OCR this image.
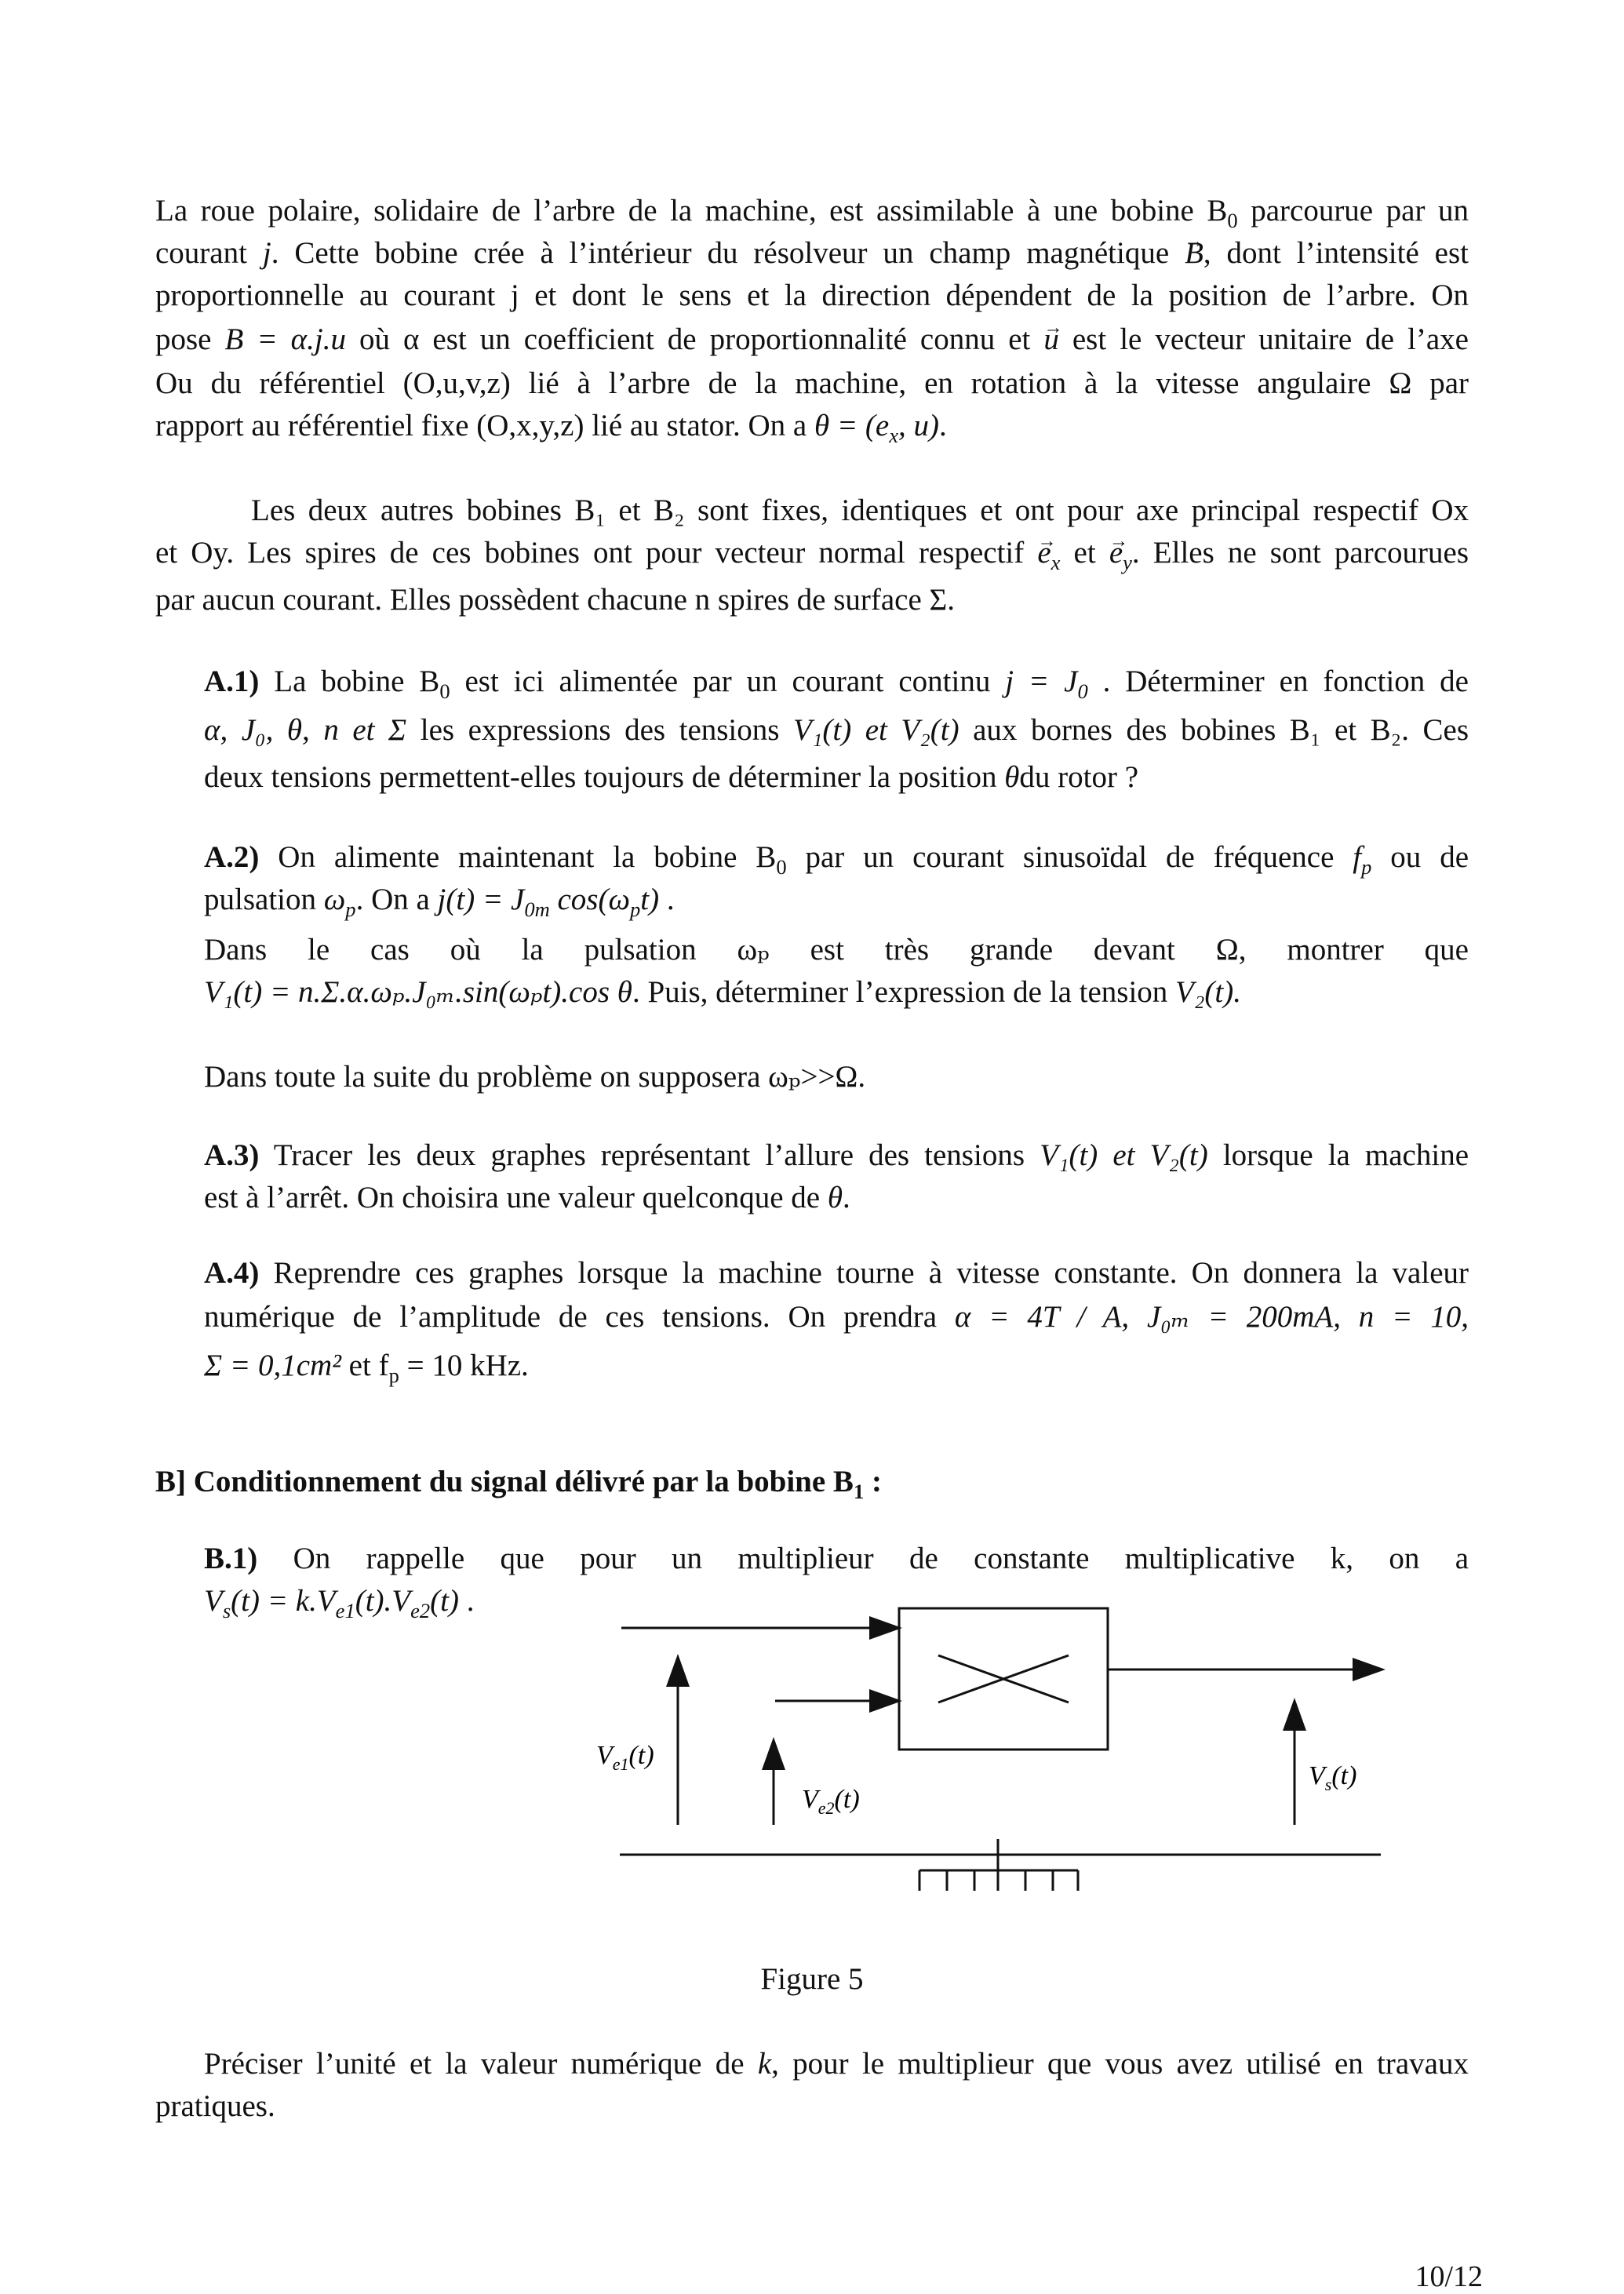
La roue polaire, solidaire de l’arbre de la machine, est assimilable à une bobine $B_0$ parcourue par un

courant j. Cette bobine crée à l’intérieur du résolveur un champ magnétique → B, dont l’intensité est

proportionnelle au courant j et dont le sens et la direction dépendent de la position de l’arbre. On

pose B = α.j.u où α est un coefficient de proportionnalité connu et → u est le vecteur unitaire de l’axe

Ou du référentiel (O,u,v,z) lié à l’arbre de la machine, en rotation à la vitesse angulaire Ω par

rapport au référentiel fixe (O,x,y,z) lié au stator. On a $\theta = (e_x$, u).

Les deux autres bobines B₁ et B₂ sont fixes, identiques et ont pour axe principal respectif Ox

et Oy. Les spires de ces bobines ont pour vecteur normal respectif → $e_x$ et → $e_y$. Elles ne sont parcourues

par aucun courant. Elles possèdent chacune n spires de surface Σ.

A.1) La bobine $B_0$ est ici alimentée par un courant continu $j = J_0$ . Déterminer en fonction de

α, J₀, θ, n et Σ les expressions des tensions V₁(t) et V₂(t) aux bornes des bobines B₁ et B₂. Ces

deux tensions permettent-elles toujours de déterminer la position θdu rotor ?

A.2) On alimente maintenant la bobine $B_0$ par un courant sinusoïdal de fréquence $f_p$ ou de

pulsation $\omega_p$. On a $j(t) = J_{0m}$ $\cos(\omega_pt)$ .

Dans le cas où la pulsation ωₚ est très grande devant Ω, montrer que

V₁(t) = n.Σ.α.ωₚ.J₀ₘ.sin(ωₚt).cos θ. Puis, déterminer l’expression de la tension V₂(t).

Dans toute la suite du problème on supposera ωₚ>>Ω.

A.3) Tracer les deux graphes représentant l’allure des tensions V₁(t) et V₂(t) lorsque la machine

est à l’arrêt. On choisira une valeur quelconque de θ.

A.4) Reprendre ces graphes lorsque la machine tourne à vitesse constante. On donnera la valeur

numérique de l’amplitude de ces tensions. On prendra α = 4T / A, J₀ₘ = 200mA, n = 10,

Σ = 0,1cm² et $f_p = 10$ kHz.

B] Conditionnement du signal délivré par la bobine $B_1$ :

B.1) On rappelle que pour un multiplieur de constante multiplicative k, on a

$V_s(t) = k.V_{e1}(t).V_{e2}(t)$ .

$V_{e1}(t)$
$V_{e2}(t)$
$V_s(t)$
Figure 5

Préciser l’unité et la valeur numérique de k, pour le multiplieur que vous avez utilisé en travaux

pratiques.

10/12
